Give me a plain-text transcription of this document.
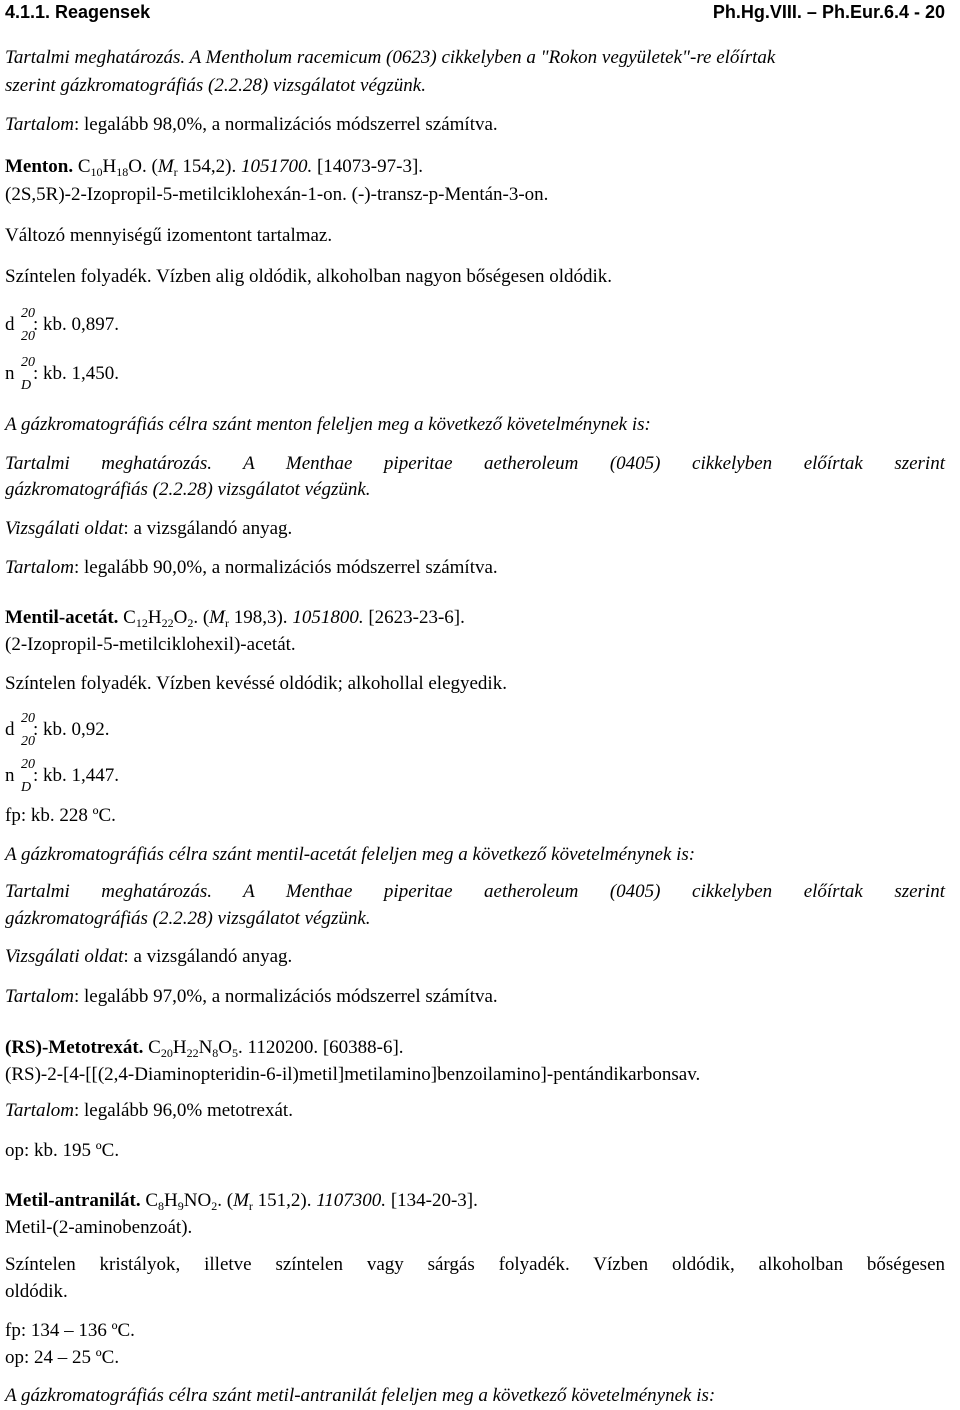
4.1.1. Reagensek	Ph.Hg.VIII. – Ph.Eur.6.4 - 20
Tartalmi meghatározás. A Mentholum racemicum (0623) cikkelyben a "Rokon vegyületek"-re előírtak
szerint gázkromatográfiás (2.2.28) vizsgálatot végzünk.
Tartalom: legalább 98,0%, a normalizációs módszerrel számítva.
Menton. $C_{10}H_{18}O$. ($M_r$ 154,2). 1051700. [14073-97-3].
(2S,5R)-2-Izopropil-5-metilciklohexán-1-on. (-)-transz-p-Mentán-3-on.
Változó mennyiségű izomentont tartalmaz.
Színtelen folyadék. Vízben alig oldódik, alkoholban nagyon bőségesen oldódik.
d : kb. 0,897.
20
20
n : kb. 1,450.
20
D
A gázkromatográfiás célra szánt menton feleljen meg a következő követelménynek is:
Tartalmi meghatározás. A Menthae piperitae aetheroleum (0405) cikkelyben előírtak szerint
gázkromatográfiás (2.2.28) vizsgálatot végzünk.
Vizsgálati oldat: a vizsgálandó anyag.
Tartalom: legalább 90,0%, a normalizációs módszerrel számítva.
Mentil-acetát. $C_{12}H_{22}O_2$. ($M_r$ 198,3). 1051800. [2623-23-6].
(2-Izopropil-5-metilciklohexil)-acetát.
Színtelen folyadék. Vízben kevéssé oldódik; alkohollal elegyedik.
d : kb. 0,92.
20
20
n : kb. 1,447.
20
D
fp: kb. 228 ºC.
A gázkromatográfiás célra szánt mentil-acetát feleljen meg a következő követelménynek is:
Tartalmi meghatározás. A Menthae piperitae aetheroleum (0405) cikkelyben előírtak szerint
gázkromatográfiás (2.2.28) vizsgálatot végzünk.
Vizsgálati oldat: a vizsgálandó anyag.
Tartalom: legalább 97,0%, a normalizációs módszerrel számítva.
(RS)-Metotrexát. $C_{20}H_{22}N_8O_5$. 1120200. [60388-6].
(RS)-2-[4-[[(2,4-Diaminopteridin-6-il)metil]metilamino]benzoilamino]-pentándikarbonsav.
Tartalom: legalább 96,0% metotrexát.
op: kb. 195 ºC.
Metil-antranilát. $C_8H_9NO_2$. ($M_r$ 151,2). 1107300. [134-20-3].
Metil-(2-aminobenzoát).
Színtelen kristályok, illetve színtelen vagy sárgás folyadék. Vízben oldódik, alkoholban bőségesen
oldódik.
fp: 134 – 136 ºC.
op: 24 – 25 ºC.
A gázkromatográfiás célra szánt metil-antranilát feleljen meg a következő követelménynek is:
